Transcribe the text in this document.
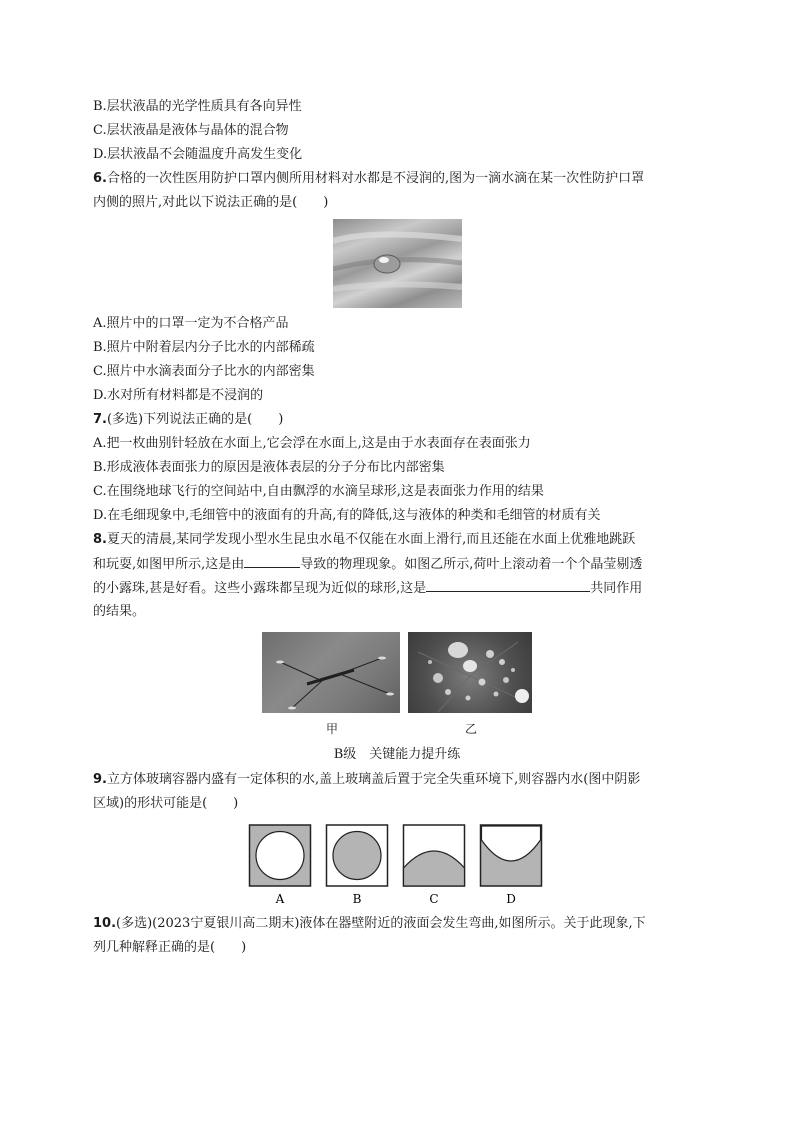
B.层状液晶的光学性质具有各向异性
C.层状液晶是液体与晶体的混合物
D.层状液晶不会随温度升高发生变化
6.合格的一次性医用防护口罩内侧所用材料对水都是不浸润的,图为一滴水滴在某一次性防护口罩
内侧的照片,对此以下说法正确的是(　　)
A.照片中的口罩一定为不合格产品
B.照片中附着层内分子比水的内部稀疏
C.照片中水滴表面分子比水的内部密集
D.水对所有材料都是不浸润的
7.(多选)下列说法正确的是(　　)
A.把一枚曲别针轻放在水面上,它会浮在水面上,这是由于水表面存在表面张力
B.形成液体表面张力的原因是液体表层的分子分布比内部密集
C.在围绕地球飞行的空间站中,自由飘浮的水滴呈球形,这是表面张力作用的结果
D.在毛细现象中,毛细管中的液面有的升高,有的降低,这与液体的种类和毛细管的材质有关
8.夏天的清晨,某同学发现小型水生昆虫水黾不仅能在水面上滑行,而且还能在水面上优雅地跳跃
和玩耍,如图甲所示,这是由	导致的物理现象。如图乙所示,荷叶上滚动着一个个晶莹剔透
的小露珠,甚是好看。这些小露珠都呈现为近似的球形,这是	共同作用
的结果。
甲	乙
B级　关键能力提升练
9.立方体玻璃容器内盛有一定体积的水,盖上玻璃盖后置于完全失重环境下,则容器内水(图中阴影
区域)的形状可能是(　　)
A	B	C	D
10.(多选)(2023宁夏银川高二期末)液体在器壁附近的液面会发生弯曲,如图所示。关于此现象,下
列几种解释正确的是(　　)
